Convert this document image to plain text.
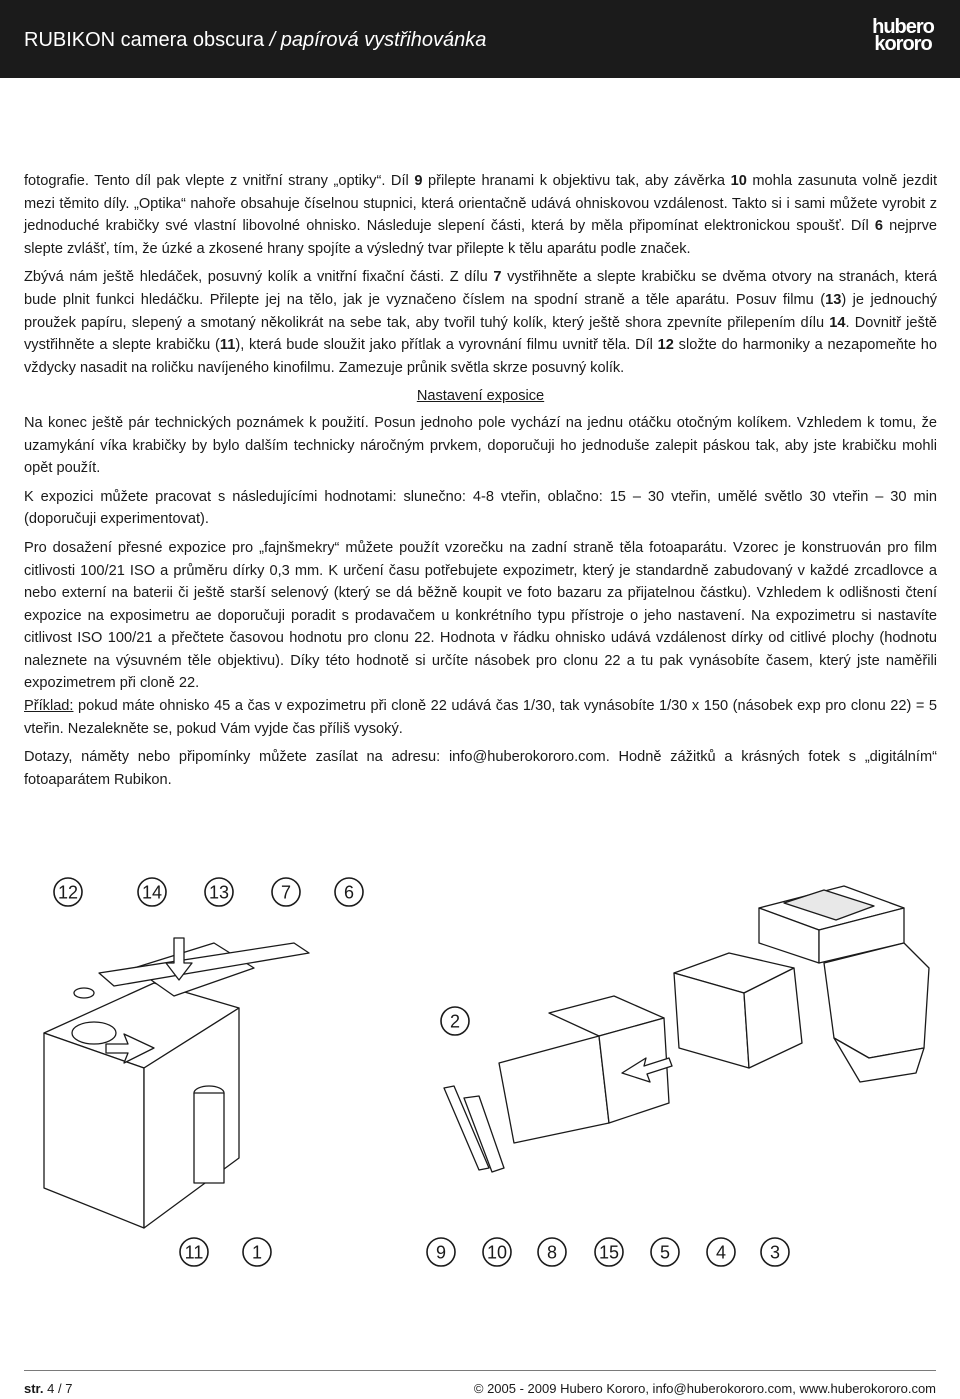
RUBIKON camera obscura / papírová vystřihovánka
hubero
kororo

fotografie. Tento díl pak vlepte z vnitřní strany „optiky“. Díl 9 přilepte hranami k objektivu tak, aby závěrka 10 mohla zasunuta volně jezdit mezi těmito díly. „Optika“ nahoře obsahuje číselnou stupnici, která orientačně udává ohniskovou vzdálenost. Takto si i sami můžete vyrobit z jednoduché krabičky své vlastní libovolné ohnisko. Následuje slepení části, která by měla připomínat elektronickou spoušť. Díl 6 nejprve slepte zvlášť, tím, že úzké a zkosené hrany spojíte a výsledný tvar přilepte k tělu aparátu podle značek.

Zbývá nám ještě hledáček, posuvný kolík a vnitřní fixační části. Z dílu 7 vystřihněte a slepte krabičku se dvěma otvory na stranách, která bude plnit funkci hledáčku. Přilepte jej na tělo, jak je vyznačeno číslem na spodní straně a těle aparátu. Posuv filmu (13) je jednouchý proužek papíru, slepený a smotaný několikrát na sebe tak, aby tvořil tuhý kolík, který ještě shora zpevníte přilepením dílu 14. Dovnitř ještě vystřihněte a slepte krabičku (11), která bude sloužit jako přítlak a vyrovnání filmu uvnitř těla. Díl 12 složte do harmoniky a nezapomeňte ho vždycky nasadit na roličku navíjeného kinofilmu. Zamezuje průnik světla skrze posuvný kolík.

Nastavení exposice

Na konec ještě pár technických poznámek k použití. Posun jednoho pole vychází na jednu otáčku otočným kolíkem. Vzhledem k tomu, že uzamykání víka krabičky by bylo dalším technicky náročným prvkem, doporučuji ho jednoduše zalepit páskou tak, aby jste krabičku mohli opět použít.

K expozici můžete pracovat s následujícími hodnotami: slunečno: 4-8 vteřin, oblačno: 15 – 30 vteřin, umělé světlo 30 vteřin – 30 min (doporučuji experimentovat).

Pro dosažení přesné expozice pro „fajnšmekry“ můžete použít vzorečku na zadní straně těla fotoaparátu. Vzorec je konstruován pro film citlivosti 100/21 ISO a průměru dírky 0,3 mm. K určení času potřebujete expozimetr, který je standardně zabudovaný v každé zrcadlovce a nebo externí na baterii či ještě starší selenový (který se dá běžně koupit ve foto bazaru za přijatelnou částku). Vzhledem k odlišnosti čtení expozice na exposimetru ae doporučuji poradit s prodavačem u konkrétního typu přístroje o jeho nastavení. Na expozimetru si nastavíte citlivost ISO 100/21 a přečtete časovou hodnotu pro clonu 22. Hodnota v řádku ohnisko udává vzdálenost dírky od citlivé plochy (hodnotu naleznete na výsuvném těle objektivu). Díky této hodnotě si určíte násobek pro clonu 22 a tu pak vynásobíte časem, který jste naměřili expozimetrem při cloně 22.

Příklad: pokud máte ohnisko 45 a čas v expozimetru při cloně 22 udává čas 1/30, tak vynásobíte 1/30 x 150 (násobek exp pro clonu 22) = 5 vteřin. Nezalekněte se, pokud Vám vyjde čas příliš vysoký.

Dotazy, náměty nebo připomínky můžete zasílat na adresu: info@huberokororo.com. Hodně zážitků a krásných fotek s „digitálním“ fotoaparátem Rubikon.

12	14	13	7	6
2
11	1	9 10 8 15 5	4 3
str. 4 / 7	© 2005 - 2009 Hubero Kororo, info@huberokororo.com, www.huberokororo.com
